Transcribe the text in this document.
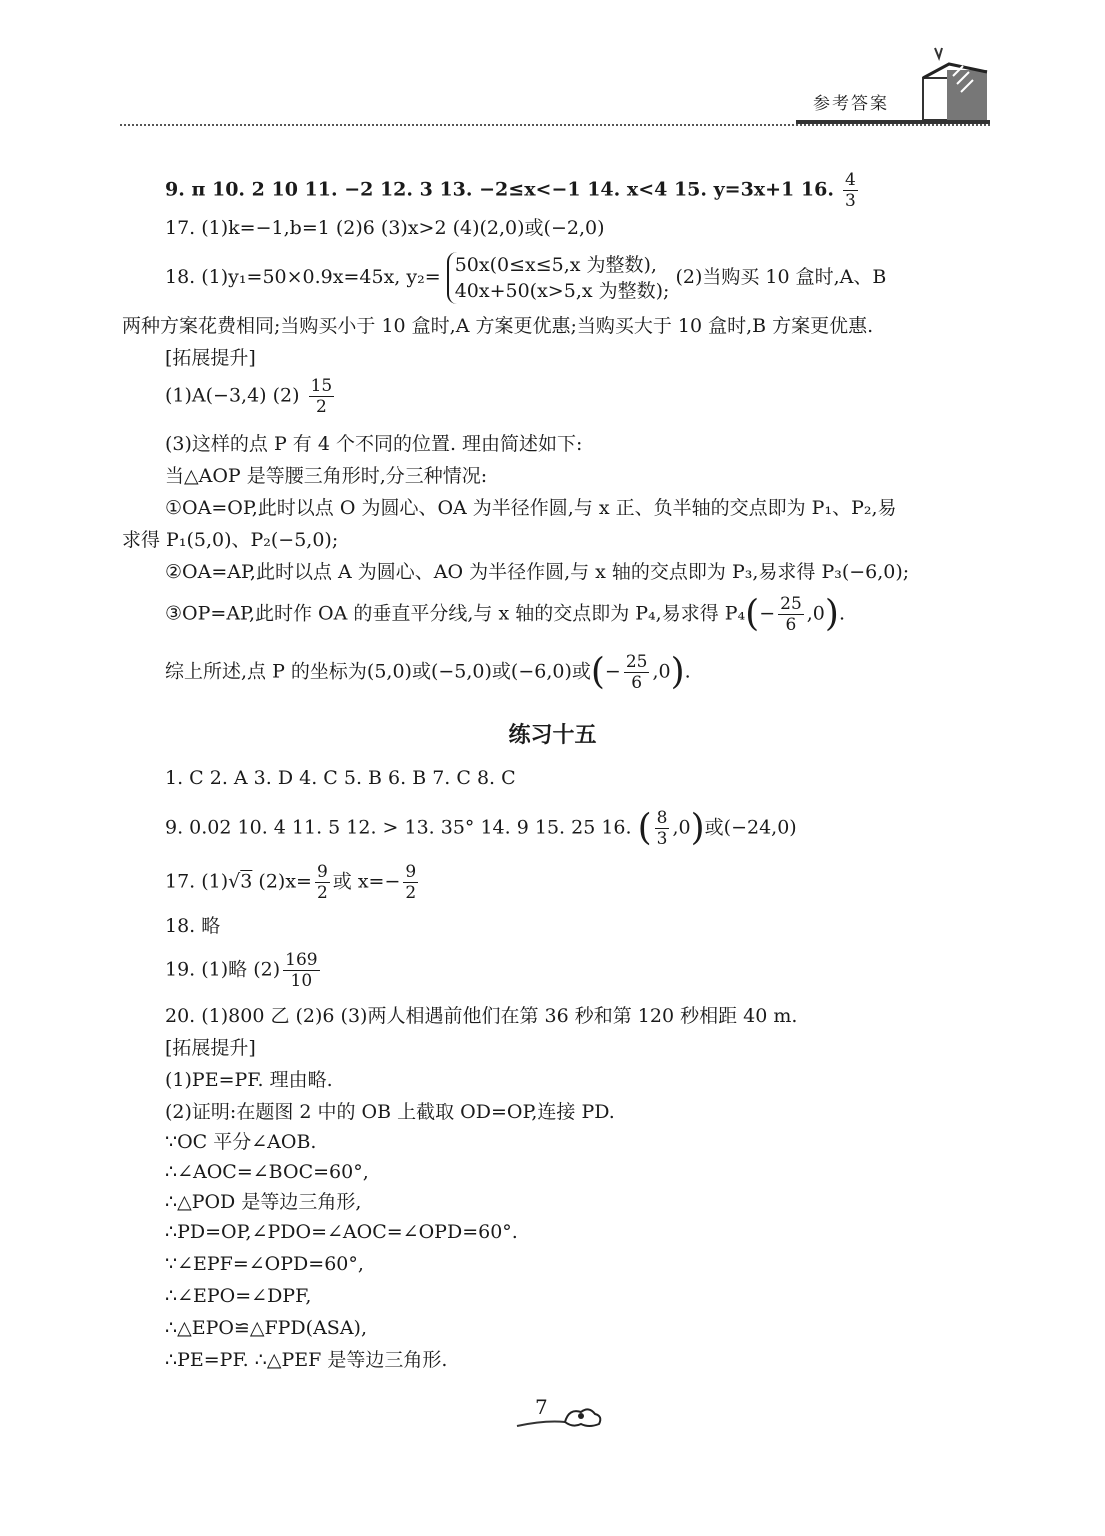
参考答案
9. π 10. 2 10 11. −2 12. 3 13. −2≤x<−1 14. x<4 15. y=3x+1 16. $\frac{4}{3}$
17. (1)k=−1,b=1 (2)6 (3)x>2 (4)(2,0)或(−2,0)
18. (1)y₁=50×0.9x=45x, y₂=
50x(0≤x≤5,x 为整数),
40x+50(x>5,x 为整数);
(2)当购买 10 盒时,A、B
两种方案花费相同;当购买小于 10 盒时,A 方案更优惠;当购买大于 10 盒时,B 方案更优惠.
[拓展提升]
(1)A(−3,4) $(2) \frac{15}{2}$
(3)这样的点 P 有 4 个不同的位置. 理由简述如下:
当△AOP 是等腰三角形时,分三种情况:
①OA=OP,此时以点 O 为圆心、OA 为半径作圆,与 x 正、负半轴的交点即为 P₁、P₂,易
求得 P₁(5,0)、P₂(−5,0);
②OA=AP,此时以点 A 为圆心、AO 为半径作圆,与 x 轴的交点即为 P₃,易求得 P₃(−6,0);
③OP=AP,此时作 OA 的垂直平分线,与 x 轴的交点即为 P₄,易求得 $P_4(- \frac{25}{6} ,0)$.
综上所述,点 P 的坐标为(5,0)或(−5,0)或(−6,0)或(− $\frac{25}{6} ,0$).
练习十五
1. C 2. A 3. D 4. C 5. B 6. B 7. C 8. C
9. 0.02 10. 4 11. 5 12. > 13. 35° 14. 9 15. 25 16. ( $\frac{8}{3} ,0$)或(−24,0)
17. (1)√3 $(2)x= \frac{9}{2}$ 或 $x=- \frac{9}{2}$
18. 略
19. (1)略 $(2) \frac{169}{10}$
20. (1)800 乙 (2)6 (3)两人相遇前他们在第 36 秒和第 120 秒相距 40 m.
[拓展提升]
(1)PE=PF. 理由略.
(2)证明:在题图 2 中的 OB 上截取 OD=OP,连接 PD.
∵OC 平分∠AOB.
∴∠AOC=∠BOC=60°,
∴△POD 是等边三角形,
∴PD=OP,∠PDO=∠AOC=∠OPD=60°.
∵∠EPF=∠OPD=60°,
∴∠EPO=∠DPF,
∴△EPO≌△FPD(ASA),
∴PE=PF. ∴△PEF 是等边三角形.
7
